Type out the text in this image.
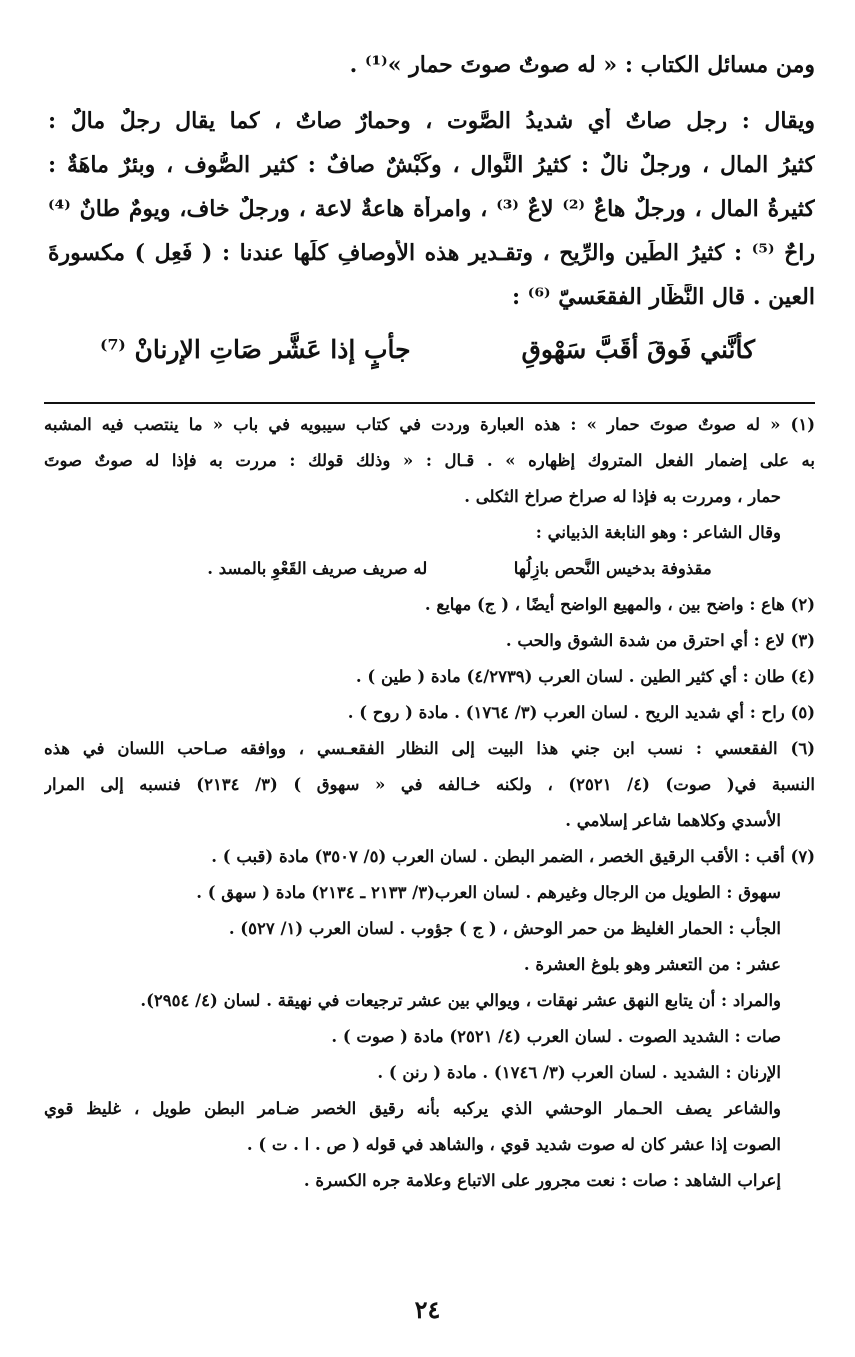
ومن مسائل الكتاب : « له صوتٌ صوتَ حمار »⁽¹⁾ .
ويقال : رجل صاتٌ أي شديدُ الصَّوت ، وحمارٌ صاتٌ ، كما يقال رجلٌ مالٌ :
كثيرُ المال ، ورجلٌ نالٌ : كثيرُ النَّوال ، وكَبْشٌ صافٌ : كثير الصُّوف ، وبئرٌ ماهَةٌ :
كثيرةُ المال ، ورجلٌ هاعٌ ⁽²⁾ لاعٌ ⁽³⁾ ، وامرأة هاعةٌ لاعة ، ورجلٌ خاف، ويومٌ طانٌ ⁽⁴⁾
راحٌ ⁽⁵⁾ : كثيرُ الطِّين والرِّيح ، وتقـدير هذه الأوصافِ كلِّها عندنا : ( فَعِل ) مكسورةَ
العين . قال النَّظَّار الفقعَسيّ ⁽⁶⁾ :
كأنَّني فَوقَ أقَبَّ سَهْوقِ
جأبٍ إذا عَشَّر صَاتِ الإرنانْ ⁽⁷⁾
(١) « له صوتٌ صوتَ حمار » : هذه العبارة وردت في كتاب سيبويه في باب « ما ينتصب فيه المشبه
به على إضمار الفعل المتروك إظهاره » . قـال : « وذلك قولك : مررت به فإذا له صوتٌ صوتَ
حمار ، ومررت به فإذا له صراخ صراخ الثكلى .
وقال الشاعر : وهو النابغة الذبياني :
مقذوفة بدخيس النَّحص بازِلُها
له صريف صريف القَعْوِ بالمسد .
(٢) هاع : واضح بين ، والمهيع الواضح أيضًا ، ( ج) مهايع .
(٣) لاع : أي احترق من شدة الشوق والحب .
(٤) طان : أي كثير الطين . لسان العرب (٤/٢٧٣٩) مادة ( طين ) .
(٥) راح : أي شديد الريح . لسان العرب (٣/ ١٧٦٤) . مادة ( روح ) .
(٦) الفقعسي : نسب ابن جني هذا البيت إلى النظار الفقعـسي ، ووافقه صـاحب اللسان في هذه
النسبة في( صوت) (٤/ ٢٥٢١) ، ولكنه خـالفه في « سهوق ) (٣/ ٢١٣٤) فنسبه إلى المرار
الأسدي وكلاهما شاعر إسلامي .
(٧) أقب : الأقب الرقيق الخصر ، الضمر البطن . لسان العرب (٥/ ٣٥٠٧) مادة (قبب ) .
سهوق : الطويل من الرجال وغيرهم . لسان العرب(٣/ ٢١٣٣ ـ ٢١٣٤) مادة ( سهق ) .
الجأب : الحمار الغليظ من حمر الوحش ، ( ج ) جؤوب . لسان العرب (١/ ٥٢٧) .
عشر : من التعشر وهو بلوغ العشرة .
والمراد : أن يتابع النهق عشر نهقات ، ويوالي بين عشر ترجيعات في نهيقة . لسان (٤/ ٢٩٥٤).
صات : الشديد الصوت . لسان العرب (٤/ ٢٥٢١) مادة ( صوت ) .
الإرنان : الشديد . لسان العرب (٣/ ١٧٤٦) . مادة ( رنن ) .
والشاعر يصف الحـمار الوحشي الذي يركبه بأنه رقيق الخصر ضـامر البطن طويل ، غليظ قوي
الصوت إذا عشر كان له صوت شديد قوي ، والشاهد في قوله ( ص . ا . ت ) .
إعراب الشاهد : صات : نعت مجرور على الاتباع وعلامة جره الكسرة .
٢٤
